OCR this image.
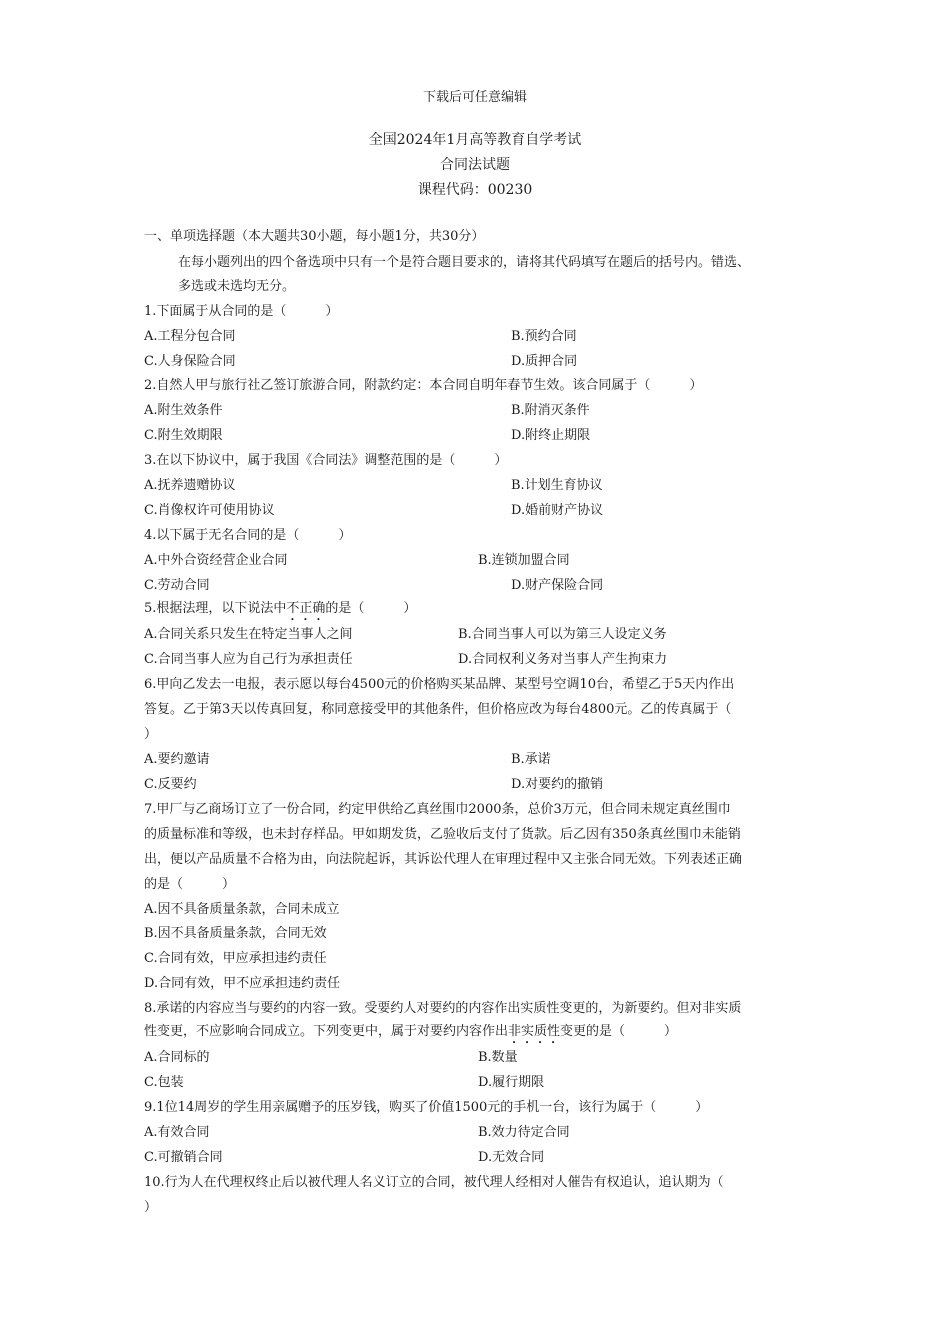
下载后可任意编辑
全国2024年1月高等教育自学考试
合同法试题
课程代码：00230
一、单项选择题（本大题共30小题，每小题1分，共30分）
在每小题列出的四个备选项中只有一个是符合题目要求的，请将其代码填写在题后的括号内。错选、
多选或未选均无分。
1.下面属于从合同的是（　　　）
A.工程分包合同	B.预约合同
C.人身保险合同	D.质押合同
2.自然人甲与旅行社乙签订旅游合同，附款约定：本合同自明年春节生效。该合同属于（　　　）
A.附生效条件	B.附消灭条件
C.附生效期限	D.附终止期限
3.在以下协议中，属于我国《合同法》调整范围的是（　　　）
A.抚养遗赠协议	B.计划生育协议
C.肖像权许可使用协议	D.婚前财产协议
4.以下属于无名合同的是（　　　）
A.中外合资经营企业合同	B.连锁加盟合同
C.劳动合同	D.财产保险合同
5.根据法理，以下说法中不正确的是（　　　）
A.合同关系只发生在特定当事人之间	B.合同当事人可以为第三人设定义务
C.合同当事人应为自己行为承担责任	D.合同权利义务对当事人产生拘束力
6.甲向乙发去一电报，表示愿以每台4500元的价格购买某品牌、某型号空调10台，希望乙于5天内作出
答复。乙于第3天以传真回复，称同意接受甲的其他条件，但价格应改为每台4800元。乙的传真属于（
）
A.要约邀请	B.承诺
C.反要约	D.对要约的撤销
7.甲厂与乙商场订立了一份合同，约定甲供给乙真丝围巾2000条，总价3万元，但合同未规定真丝围巾
的质量标准和等级，也未封存样品。甲如期发货，乙验收后支付了货款。后乙因有350条真丝围巾未能销
出，便以产品质量不合格为由，向法院起诉，其诉讼代理人在审理过程中又主张合同无效。下列表述正确
的是（　　　）
A.因不具备质量条款，合同未成立
B.因不具备质量条款，合同无效
C.合同有效，甲应承担违约责任
D.合同有效，甲不应承担违约责任
8.承诺的内容应当与要约的内容一致。受要约人对要约的内容作出实质性变更的，为新要约。但对非实质
性变更，不应影响合同成立。下列变更中，属于对要约内容作出非实质性变更的是（　　　）
A.合同标的	B.数量
C.包装	D.履行期限
9.1位14周岁的学生用亲属赠予的压岁钱，购买了价值1500元的手机一台，该行为属于（　　　）
A.有效合同	B.效力待定合同
C.可撤销合同	D.无效合同
10.行为人在代理权终止后以被代理人名义订立的合同，被代理人经相对人催告有权追认，追认期为（
）
